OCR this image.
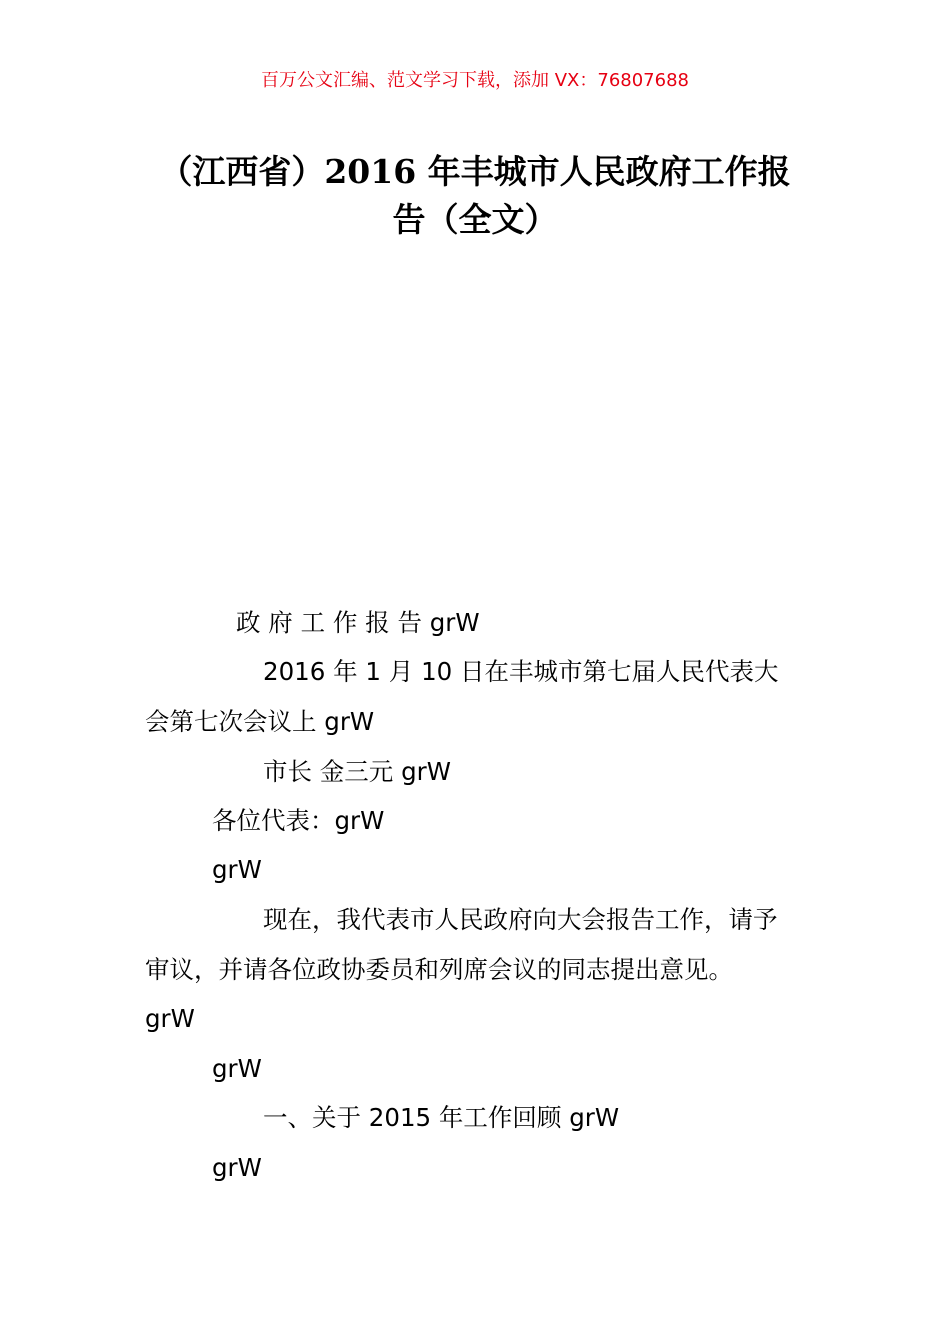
百万公文汇编、范文学习下载，添加 VX：76807688
（江西省）2016 年丰城市人民政府工作报
告（全文）
政 府 工 作 报 告 grW
2016 年 1 月 10 日在丰城市第七届人民代表大
会第七次会议上 grW
市长 金三元 grW
各位代表：grW
grW
现在，我代表市人民政府向大会报告工作，请予
审议，并请各位政协委员和列席会议的同志提出意见。
grW
grW
一、关于 2015 年工作回顾 grW
grW
